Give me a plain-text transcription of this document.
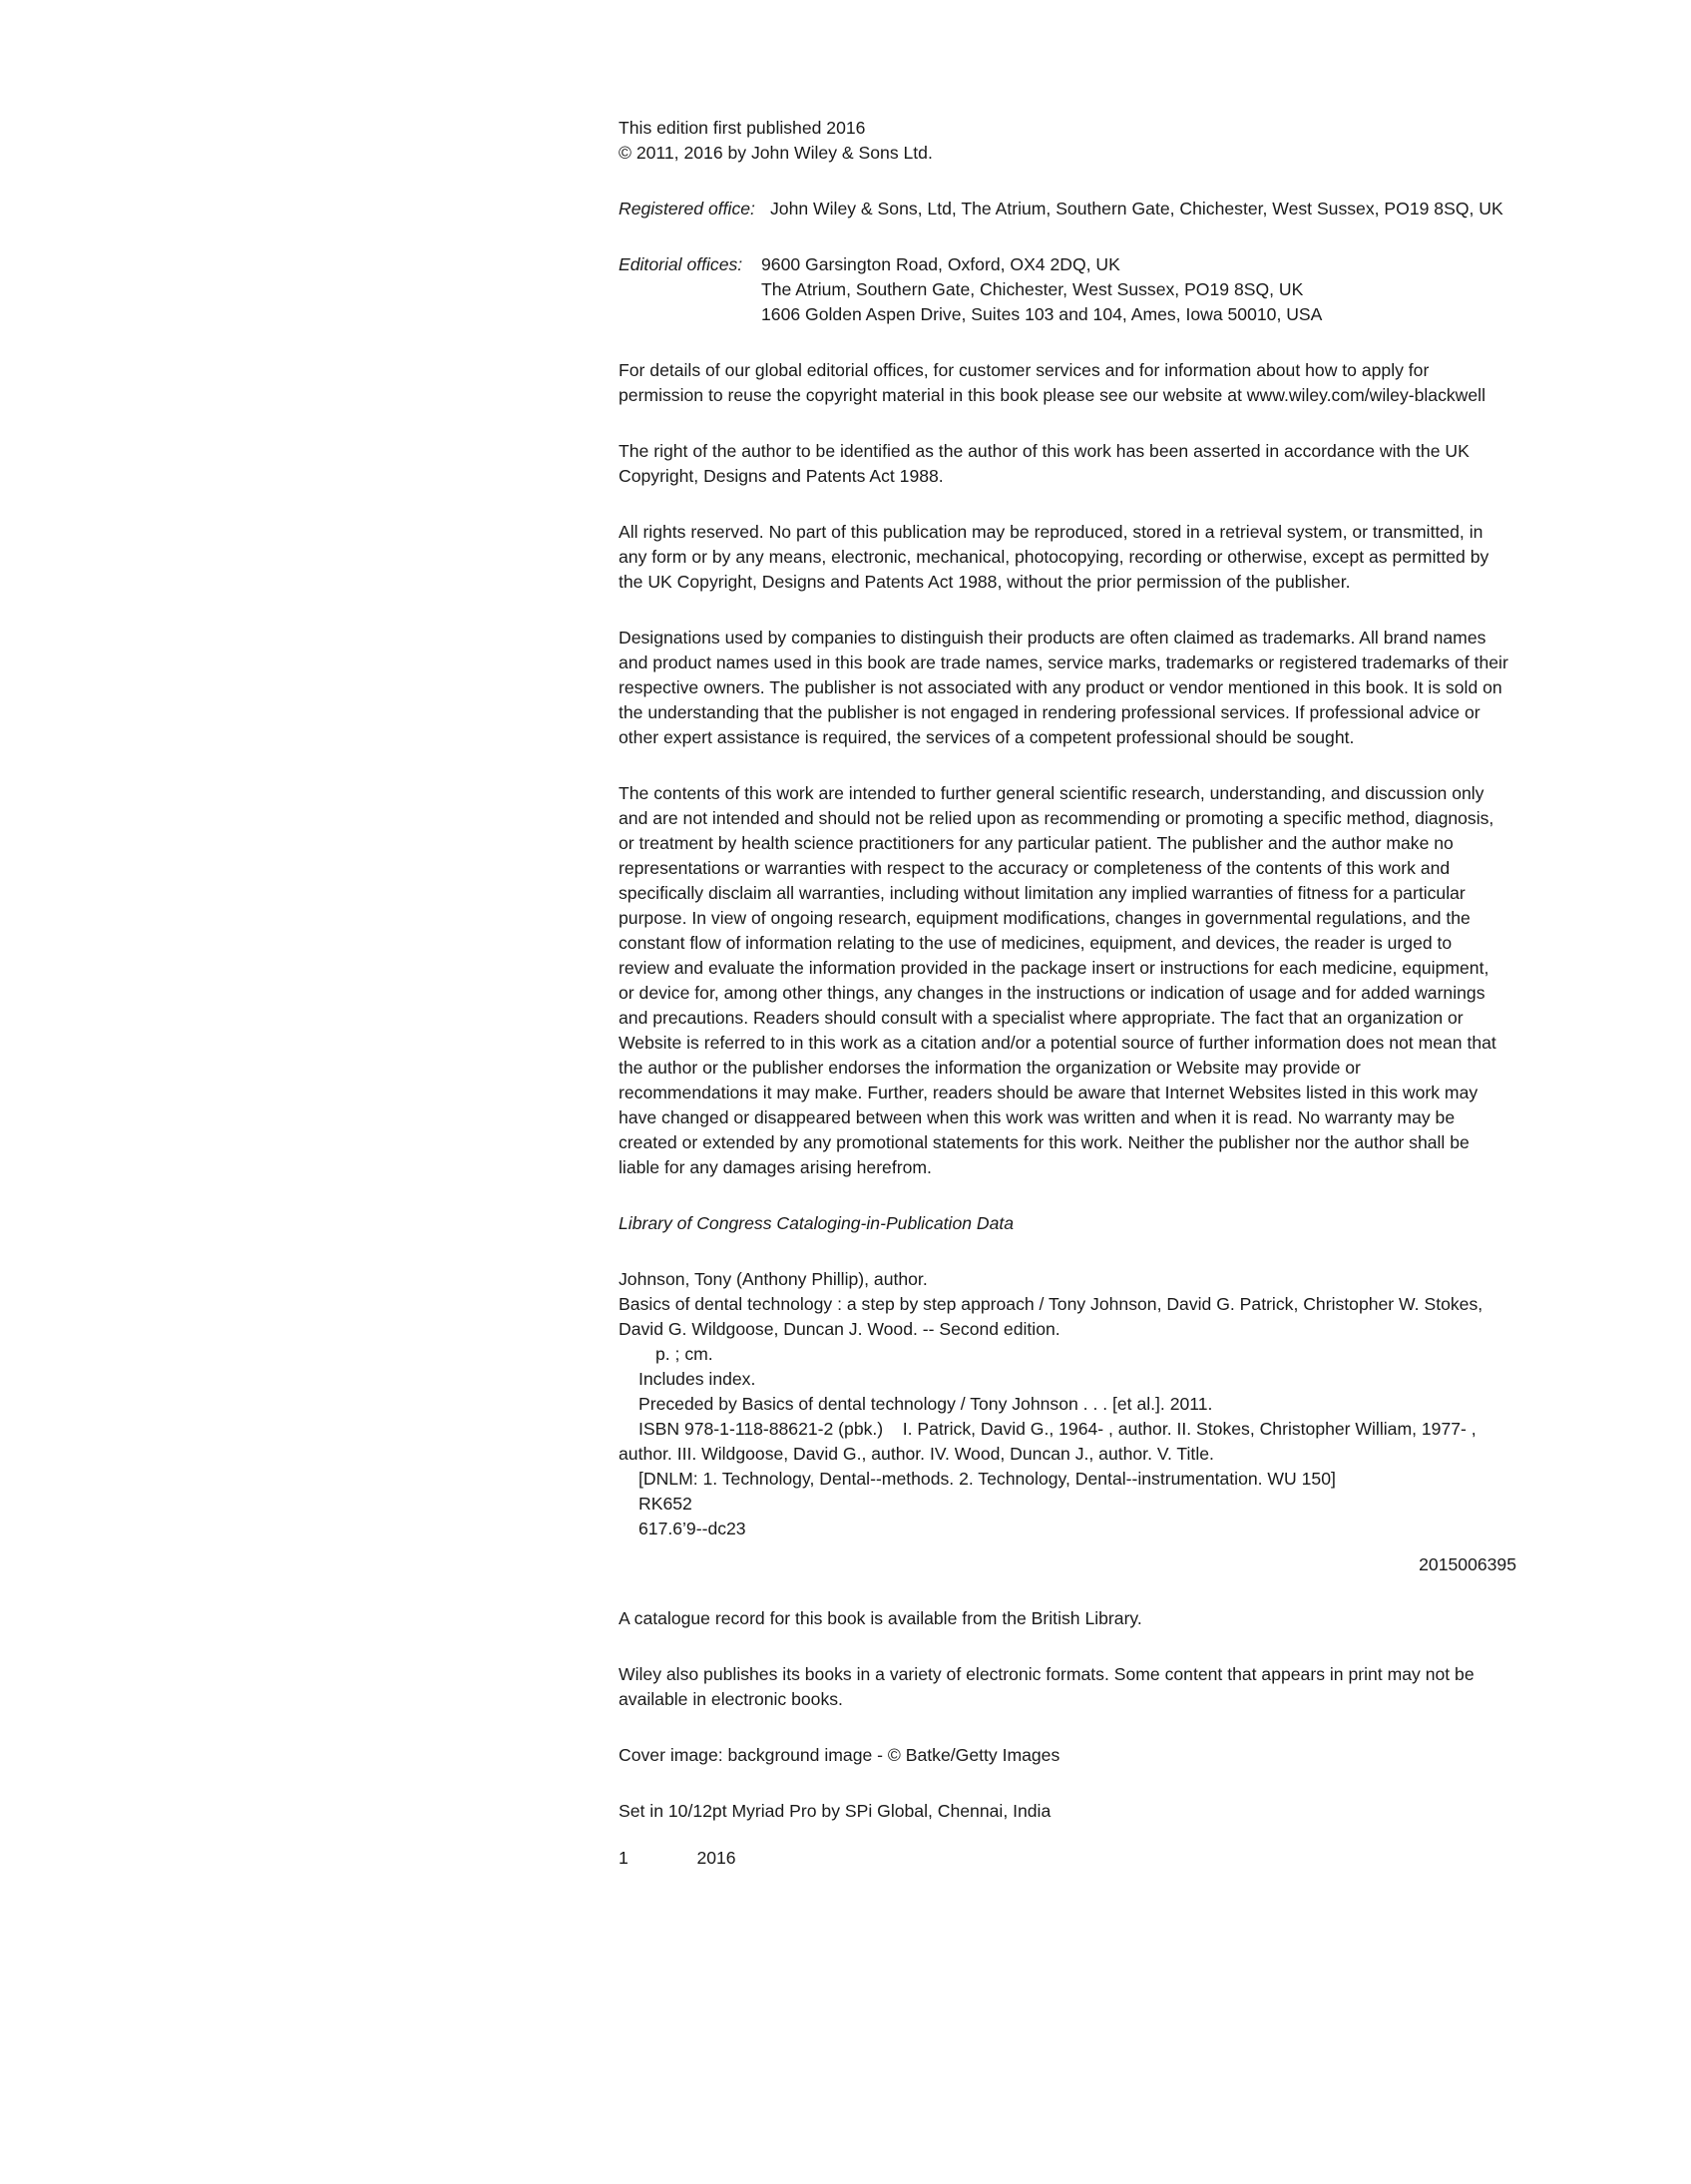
This edition first published 2016

© 2011, 2016 by John Wiley & Sons Ltd.

Registered office: John Wiley & Sons, Ltd, The Atrium, Southern Gate, Chichester, West Sussex, PO19 8SQ, UK
Editorial offices:	9600 Garsington Road, Oxford, OX4 2DQ, UK
The Atrium, Southern Gate, Chichester, West Sussex, PO19 8SQ, UK
1606 Golden Aspen Drive, Suites 103 and 104, Ames, Iowa 50010, USA
For details of our global editorial offices, for customer services and for information about how to apply for
permission to reuse the copyright material in this book please see our website at www.wiley.com/wiley-blackwell
The right of the author to be identified as the author of this work has been asserted in accordance with the UK
Copyright, Designs and Patents Act 1988.
All rights reserved. No part of this publication may be reproduced, stored in a retrieval system, or transmitted, in
any form or by any means, electronic, mechanical, photocopying, recording or otherwise, except as permitted by
the UK Copyright, Designs and Patents Act 1988, without the prior permission of the publisher.
Designations used by companies to distinguish their products are often claimed as trademarks. All brand names
and product names used in this book are trade names, service marks, trademarks or registered trademarks of their
respective owners. The publisher is not associated with any product or vendor mentioned in this book. It is sold on
the understanding that the publisher is not engaged in rendering professional services. If professional advice or
other expert assistance is required, the services of a competent professional should be sought.
The contents of this work are intended to further general scientific research, understanding, and discussion only
and are not intended and should not be relied upon as recommending or promoting a specific method, diagnosis,
or treatment by health science practitioners for any particular patient. The publisher and the author make no
representations or warranties with respect to the accuracy or completeness of the contents of this work and
specifically disclaim all warranties, including without limitation any implied warranties of fitness for a particular
purpose. In view of ongoing research, equipment modifications, changes in governmental regulations, and the
constant flow of information relating to the use of medicines, equipment, and devices, the reader is urged to
review and evaluate the information provided in the package insert or instructions for each medicine, equipment,
or device for, among other things, any changes in the instructions or indication of usage and for added warnings
and precautions. Readers should consult with a specialist where appropriate. The fact that an organization or
Website is referred to in this work as a citation and/or a potential source of further information does not mean that
the author or the publisher endorses the information the organization or Website may provide or
recommendations it may make. Further, readers should be aware that Internet Websites listed in this work may
have changed or disappeared between when this work was written and when it is read. No warranty may be
created or extended by any promotional statements for this work. Neither the publisher nor the author shall be
liable for any damages arising herefrom.
Library of Congress Cataloging-in-Publication Data
Johnson, Tony (Anthony Phillip), author.
Basics of dental technology : a step by step approach / Tony Johnson, David G. Patrick, Christopher W. Stokes,
David G. Wildgoose, Duncan J. Wood. -- Second edition.
p. ; cm.
Includes index.
Preceded by Basics of dental technology / Tony Johnson . . . [et al.]. 2011.
ISBN 978-1-118-88621-2 (pbk.)    I. Patrick, David G., 1964- , author. II. Stokes, Christopher William, 1977- ,
author. III. Wildgoose, David G., author. IV. Wood, Duncan J., author. V. Title.
[DNLM: 1. Technology, Dental--methods. 2. Technology, Dental--instrumentation. WU 150]
RK652
617.6’9--dc23
2015006395
A catalogue record for this book is available from the British Library.
Wiley also publishes its books in a variety of electronic formats. Some content that appears in print may not be
available in electronic books.
Cover image: background image - © Batke/Getty Images
Set in 10/12pt Myriad Pro by SPi Global, Chennai, India
1   2016
